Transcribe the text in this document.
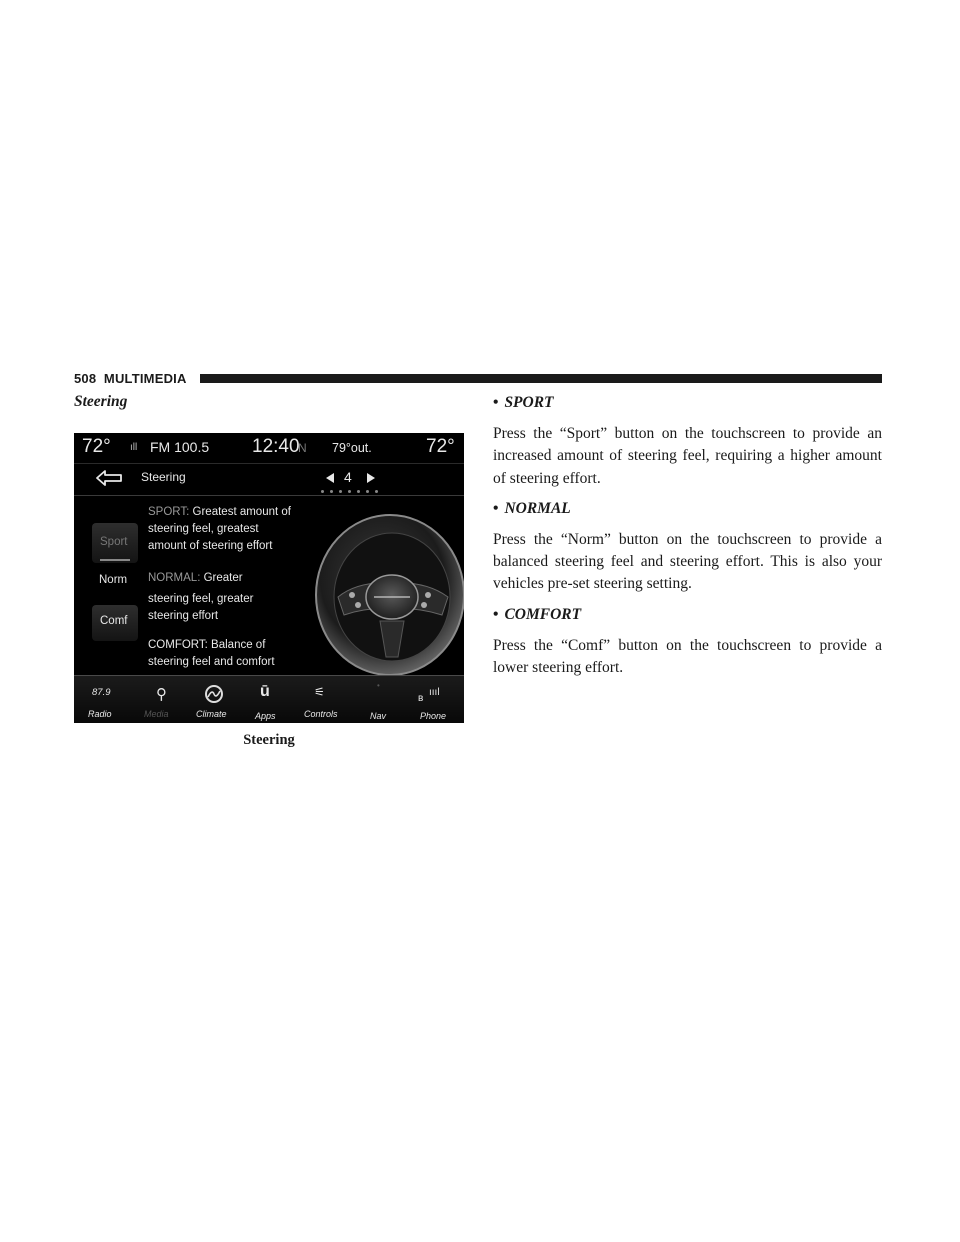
508 MULTIMEDIA
Steering
72° ıll FM 100.5 12:40
N 79°out.	72°
Steering	4
Sport
Norm
Comf
SPORT: Greatest amount of
steering feel, greatest
amount of steering effort
NORMAL: Greater
steering feel, greater
steering effort
COMFORT: Balance of
steering feel and comfort
87.9	⚲	ū	⚟	•
ʙ
ıııl
Radio	Media	Climate	Apps	Controls	Nav	Phone
Steering

• SPORT

Press the “Sport” button on the touchscreen to provide an increased amount of steering feel, requiring a higher amount of steering effort.

• NORMAL

Press the “Norm” button on the touchscreen to provide a balanced steering feel and steering effort. This is also your vehicles pre-set steering setting.

• COMFORT

Press the “Comf” button on the touchscreen to provide a lower steering effort.
